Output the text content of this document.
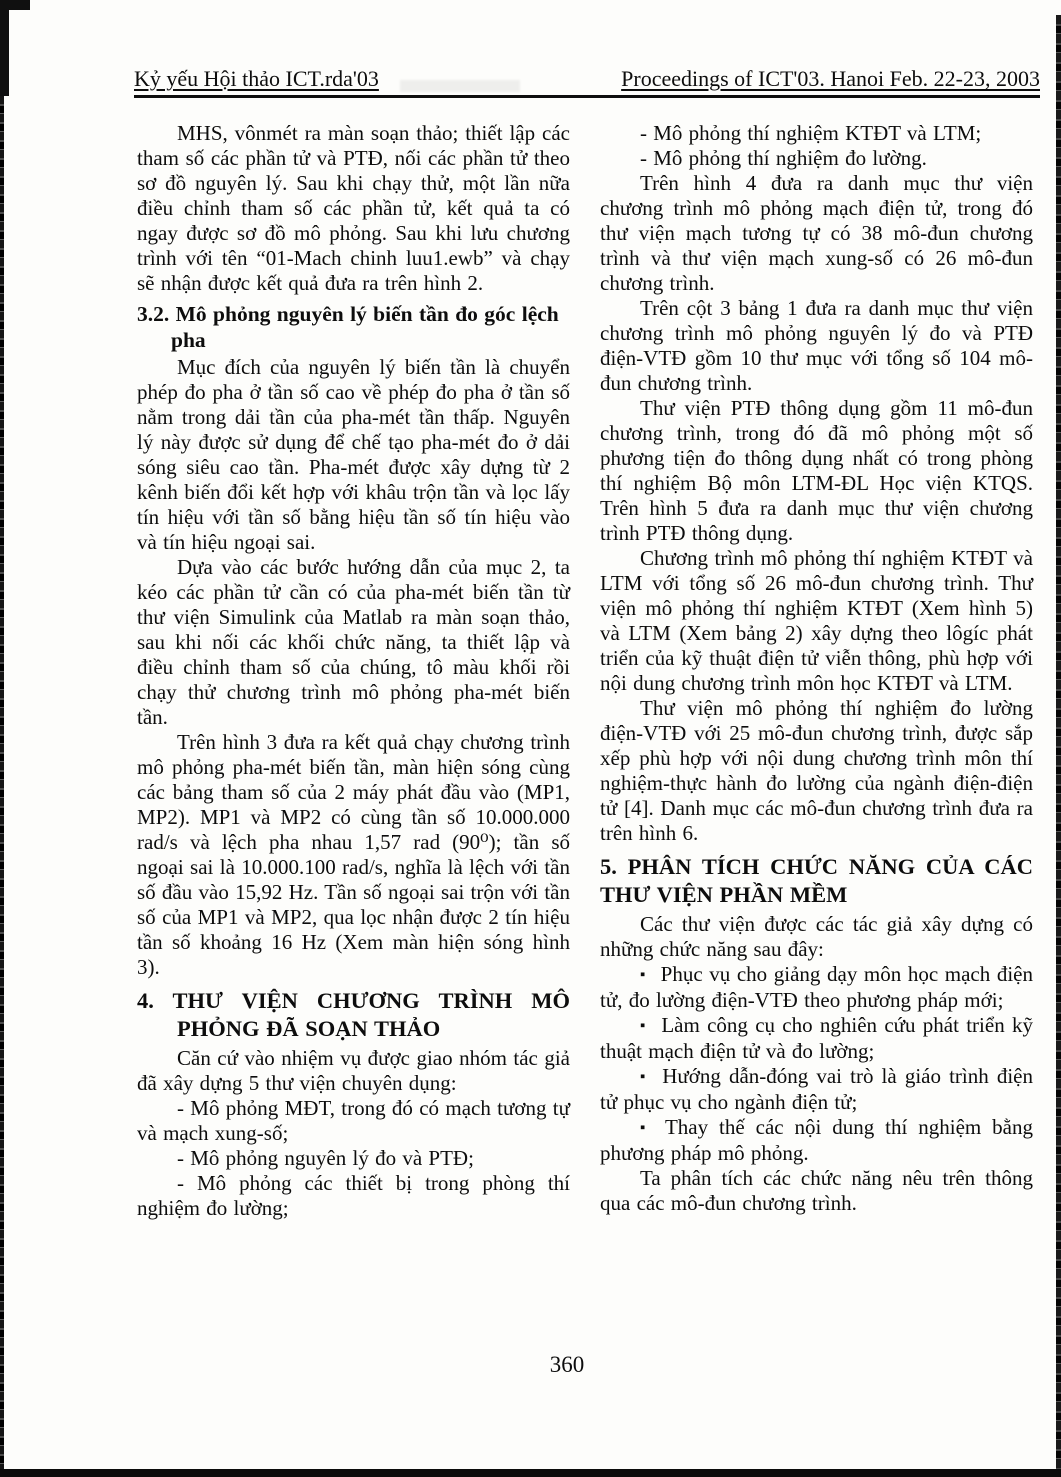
Kỷ yếu Hội thảo ICT.rda'03	Proceedings of ICT'03. Hanoi Feb. 22-23, 2003

MHS, vônmét ra màn soạn thảo; thiết lập các tham số các phần tử và PTĐ, nối các phần tử theo sơ đồ nguyên lý. Sau khi chạy thử, một lần nữa điều chỉnh tham số các phần tử, kết quả ta có ngay được sơ đồ mô phỏng. Sau khi lưu chương trình với tên “01-Mach chinh luu1.ewb” và chạy sẽ nhận được kết quả đưa ra trên hình 2.

3.2. Mô phỏng nguyên lý biến tần đo góc lệch pha

Mục đích của nguyên lý biến tần là chuyển phép đo pha ở tần số cao về phép đo pha ở tần số nằm trong dải tần của pha-mét tần thấp. Nguyên lý này được sử dụng để chế tạo pha-mét đo ở dải sóng siêu cao tần. Pha-mét được xây dựng từ 2 kênh biến đổi kết hợp với khâu trộn tần và lọc lấy tín hiệu với tần số bằng hiệu tần số tín hiệu vào và tín hiệu ngoại sai.

Dựa vào các bước hướng dẫn của mục 2, ta kéo các phần tử cần có của pha-mét biến tần từ thư viện Simulink của Matlab ra màn soạn thảo, sau khi nối các khối chức năng, ta thiết lập và điều chỉnh tham số của chúng, tô màu khối rồi chạy thử chương trình mô phỏng pha-mét biến tần.

Trên hình 3 đưa ra kết quả chạy chương trình mô phỏng pha-mét biến tần, màn hiện sóng cùng các bảng tham số của 2 máy phát đầu vào (MP1, MP2). MP1 và MP2 có cùng tần số 10.000.000 rad/s và lệch pha nhau 1,57 rad (90⁰); tần số ngoại sai là 10.000.100 rad/s, nghĩa là lệch với tần số đầu vào 15,92 Hz. Tần số ngoại sai trộn với tần số của MP1 và MP2, qua lọc nhận được 2 tín hiệu tần số khoảng 16 Hz (Xem màn hiện sóng hình 3).

4. THƯ VIỆN CHƯƠNG TRÌNH MÔ PHỎNG ĐÃ SOẠN THẢO

Căn cứ vào nhiệm vụ được giao nhóm tác giả đã xây dựng 5 thư viện chuyên dụng:

- Mô phỏng MĐT, trong đó có mạch tương tự và mạch xung-số;

- Mô phỏng nguyên lý đo và PTĐ;

- Mô phỏng các thiết bị trong phòng thí nghiệm đo lường;

- Mô phỏng thí nghiệm KTĐT và LTM;

- Mô phỏng thí nghiệm đo lường.

Trên hình 4 đưa ra danh mục thư viện chương trình mô phỏng mạch điện tử, trong đó thư viện mạch tương tự có 38 mô-đun chương trình và thư viện mạch xung-số có 26 mô-đun chương trình.

Trên cột 3 bảng 1 đưa ra danh mục thư viện chương trình mô phỏng nguyên lý đo và PTĐ điện-VTĐ gồm 10 thư mục với tổng số 104 mô-đun chương trình.

Thư viện PTĐ thông dụng gồm 11 mô-đun chương trình, trong đó đã mô phỏng một số phương tiện đo thông dụng nhất có trong phòng thí nghiệm Bộ môn LTM-ĐL Học viện KTQS. Trên hình 5 đưa ra danh mục thư viện chương trình PTĐ thông dụng.

Chương trình mô phỏng thí nghiệm KTĐT và LTM với tổng số 26 mô-đun chương trình. Thư viện mô phỏng thí nghiệm KTĐT (Xem hình 5) và LTM (Xem bảng 2) xây dựng theo lôgíc phát triển của kỹ thuật điện tử viễn thông, phù hợp với nội dung chương trình môn học KTĐT và LTM.

Thư viện mô phỏng thí nghiệm đo lường điện-VTĐ với 25 mô-đun chương trình, được sắp xếp phù hợp với nội dung chương trình môn thí nghiệm-thực hành đo lường của ngành điện-điện tử [4]. Danh mục các mô-đun chương trình đưa ra trên hình 6.

5. PHÂN TÍCH CHỨC NĂNG CỦA CÁC THƯ VIỆN PHẦN MỀM

Các thư viện được các tác giả xây dựng có những chức năng sau đây:

▪ Phục vụ cho giảng dạy môn học mạch điện tử, đo lường điện-VTĐ theo phương pháp mới;

▪ Làm công cụ cho nghiên cứu phát triển kỹ thuật mạch điện tử và đo lường;

▪ Hướng dẫn-đóng vai trò là giáo trình điện tử phục vụ cho ngành điện tử;

▪ Thay thế các nội dung thí nghiệm bằng phương pháp mô phỏng.

Ta phân tích các chức năng nêu trên thông qua các mô-đun chương trình.

360
